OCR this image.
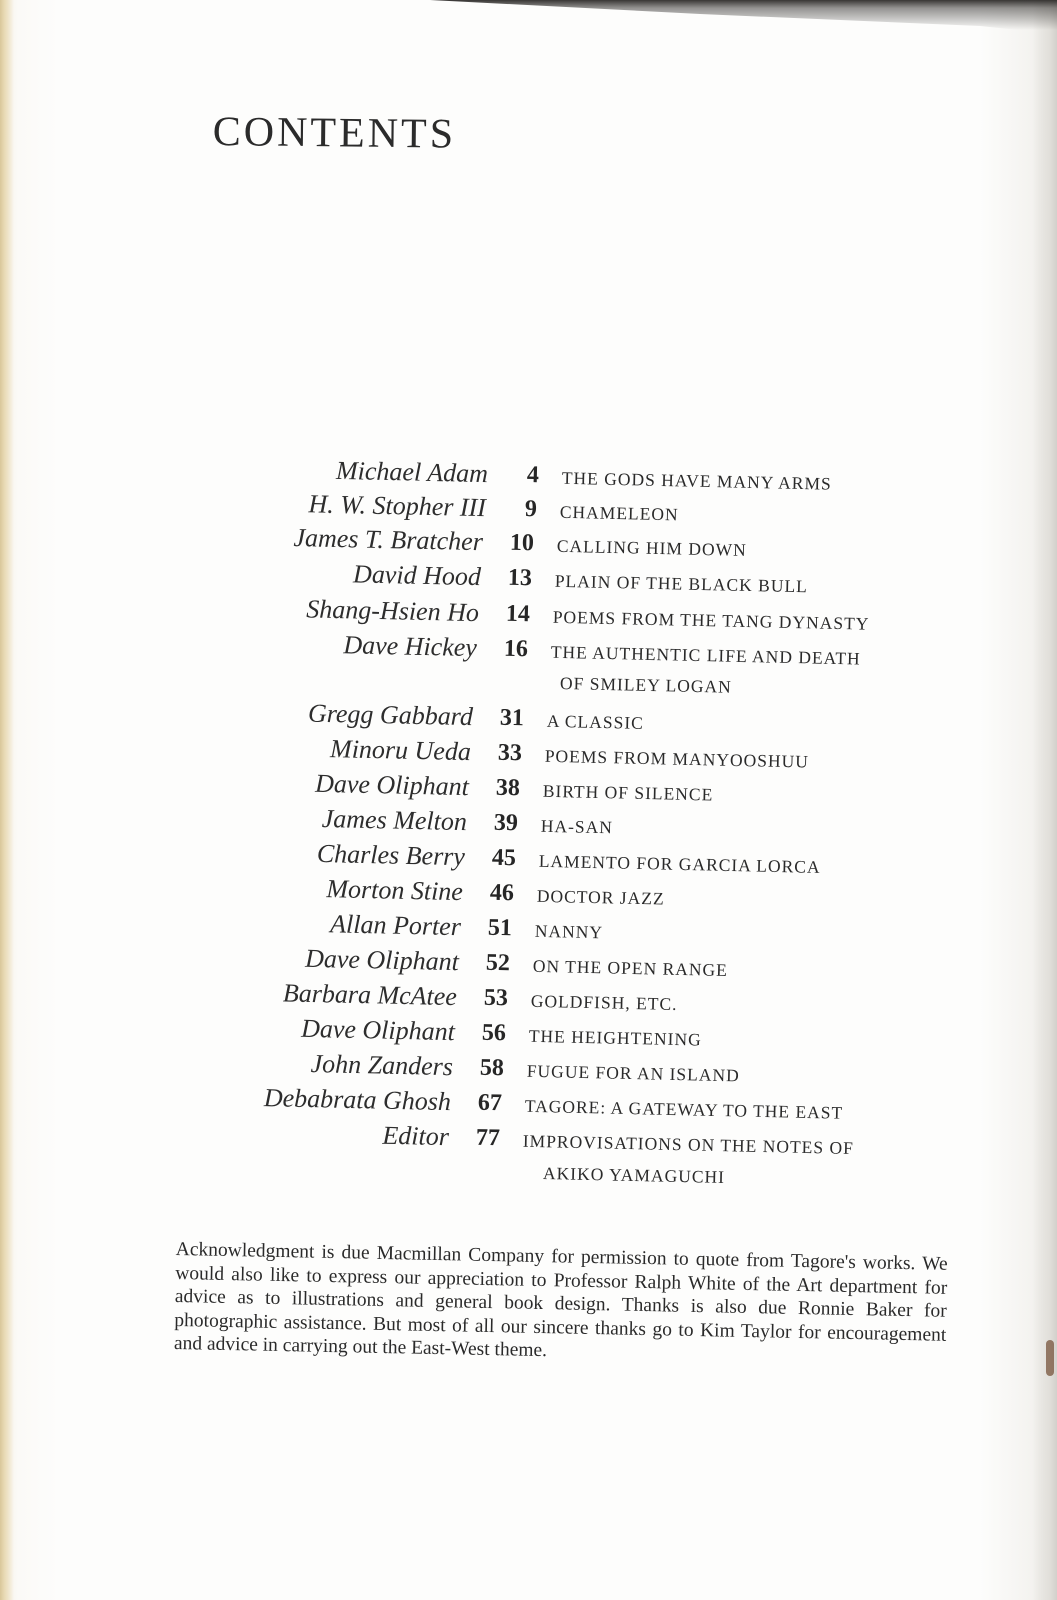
CONTENTS
Michael Adam	4 THE GODS HAVE MANY ARMS
H. W. Stopher III	9 CHAMELEON
James T. Bratcher	10 CALLING HIM DOWN
David Hood	13 PLAIN OF THE BLACK BULL
Shang-Hsien Ho	14 POEMS FROM THE TANG DYNASTY
Dave Hickey	16 THE AUTHENTIC LIFE AND DEATH
OF SMILEY LOGAN
Gregg Gabbard	31 A CLASSIC
Minoru Ueda	33 POEMS FROM MANYOOSHUU
Dave Oliphant	38 BIRTH OF SILENCE
James Melton	39 HA-SAN
Charles Berry	45 LAMENTO FOR GARCIA LORCA
Morton Stine	46 DOCTOR JAZZ
Allan Porter	51 NANNY
Dave Oliphant	52 ON THE OPEN RANGE
Barbara McAtee	53 GOLDFISH, ETC.
Dave Oliphant	56 THE HEIGHTENING
John Zanders	58 FUGUE FOR AN ISLAND
Debabrata Ghosh	67 TAGORE: A GATEWAY TO THE EAST
Editor	77 IMPROVISATIONS ON THE NOTES OF
AKIKO YAMAGUCHI

Acknowledgment is due Macmillan Company for permission to quote from Tagore's works. We would also like to express our appreciation to Professor Ralph White of the Art department for advice as to illustrations and general book design. Thanks is also due Ronnie Baker for photographic assistance. But most of all our sincere thanks go to Kim Taylor for encouragement and advice in carrying out the East-West theme.
